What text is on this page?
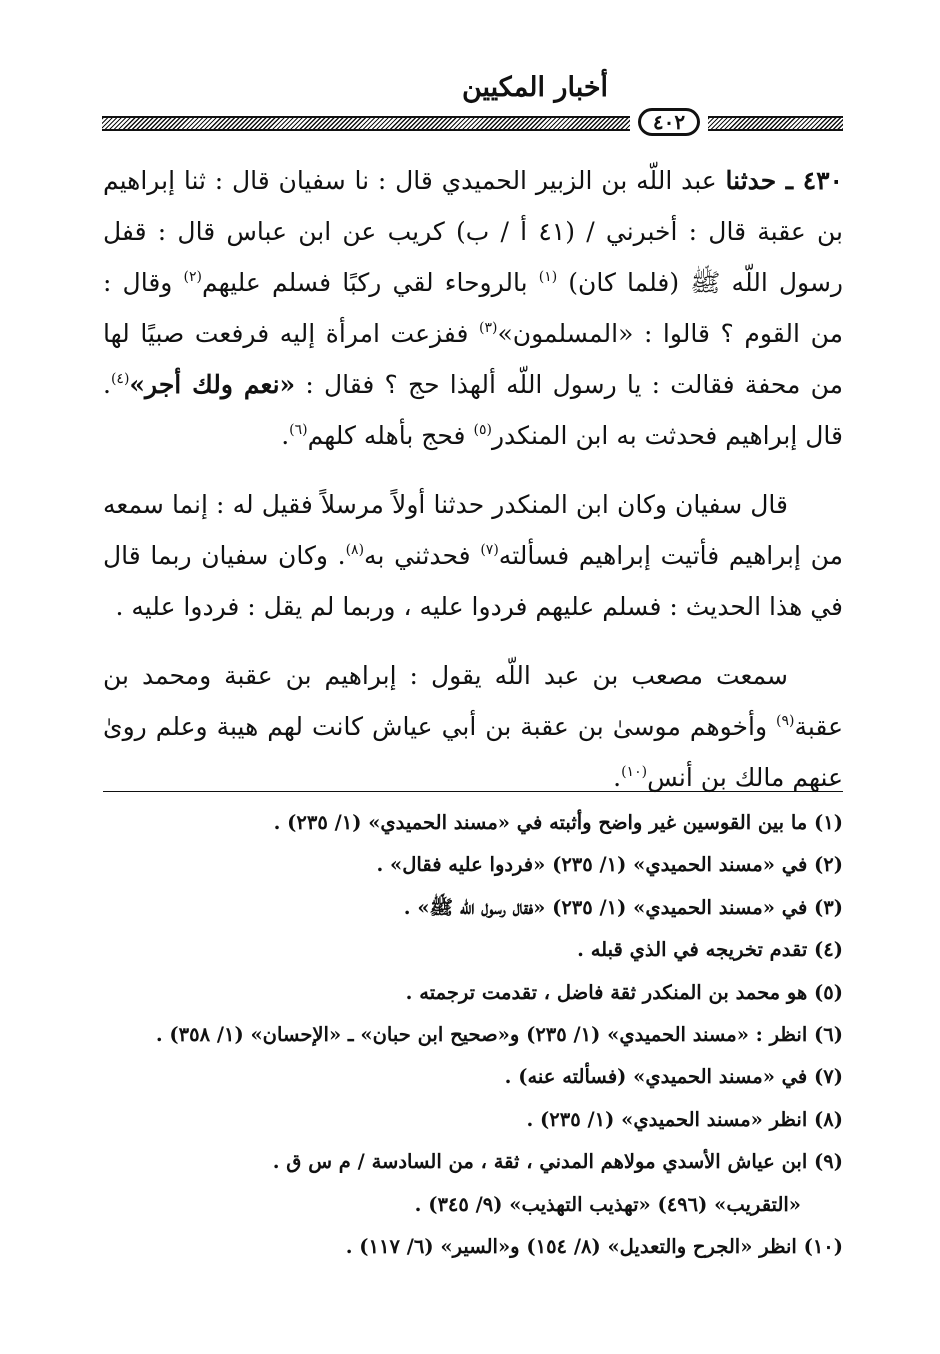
أخبار المكيين
٤٠٢

٤٣٠ ـ حدثنا عبد اللّه بن الزبير الحميدي قال : نا سفيان قال : ثنا إبراهيم بن عقبة قال : أخبرني / (٤١ أ / ب) كريب عن ابن عباس قال : قفل رسول اللّه ﷺ (فلما كان) $^{(١)}$ بالروحاء لقي ركبًا فسلم عليهم$^{(٢)}$ وقال : من القوم ؟ قالوا : «المسلمون»$^{(٣)}$ ففزعت امرأة إليه فرفعت صبيًا لها من محفة فقالت : يا رسول اللّه ألهذا حج ؟ فقال : «نعم ولك أجر»$^{(٤)}$. قال إبراهيم فحدثت به ابن المنكدر$^{(٥)}$ فحج بأهله كلهم$^{(٦)}$.

قال سفيان وكان ابن المنكدر حدثنا أولاً مرسلاً فقيل له : إنما سمعه من إبراهيم فأتيت إبراهيم فسألته$^{(٧)}$ فحدثني به$^{(٨)}$. وكان سفيان ربما قال في هذا الحديث : فسلم عليهم فردوا عليه ، وربما لم يقل : فردوا عليه .

سمعت مصعب بن عبد اللّه يقول : إبراهيم بن عقبة ومحمد بن عقبة$^{(٩)}$ وأخوهم موسىٰ بن عقبة بن أبي عياش كانت لهم هيبة وعلم روىٰ عنهم مالك بن أنس$^{(١٠)}$.

(١) ما بين القوسين غير واضح وأثبته في «مسند الحميدي» (١/ ٢٣٥) .
(٢) في «مسند الحميدي» (١/ ٢٣٥) «فردوا عليه فقال» .
(٣) في «مسند الحميدي» (١/ ٢٣٥) «فقال رسول اللّه ﷺ» .
(٤) تقدم تخريجه في الذي قبله .
(٥) هو محمد بن المنكدر ثقة فاضل ، تقدمت ترجمته .
(٦) انظر : «مسند الحميدي» (١/ ٢٣٥) و«صحيح ابن حبان» ـ «الإحسان» (١/ ٣٥٨) .
(٧) في «مسند الحميدي» (فسألته عنه) .
(٨) انظر «مسند الحميدي» (١/ ٢٣٥) .
(٩) ابن عياش الأسدي مولاهم المدني ، ثقة ، من السادسة / م س ق .
«التقريب» (٤٩٦) «تهذيب التهذيب» (٩/ ٣٤٥) .
(١٠) انظر «الجرح والتعديل» (٨/ ١٥٤) و«السير» (٦/ ١١٧) .
